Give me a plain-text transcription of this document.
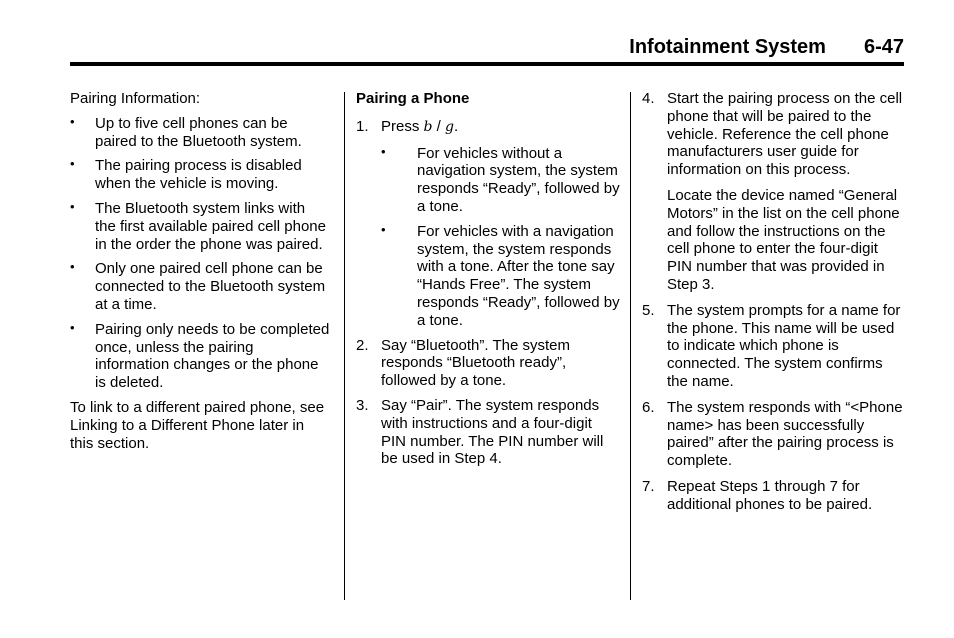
Infotainment System 6-47

Pairing Information:

• Up to five cell phones can be paired to the Bluetooth system.

• The pairing process is disabled when the vehicle is moving.

• The Bluetooth system links with the first available paired cell phone in the order the phone was paired.

• Only one paired cell phone can be connected to the Bluetooth system at a time.

• Pairing only needs to be completed once, unless the pairing information changes or the phone is deleted.

To link to a different paired phone, see Linking to a Different Phone later in this section.

Pairing a Phone

1. Press b / g.

• For vehicles without a navigation system, the system responds “Ready”, followed by a tone.

• For vehicles with a navigation system, the system responds with a tone. After the tone say “Hands Free”. The system responds “Ready”, followed by a tone.

2. Say “Bluetooth”. The system responds “Bluetooth ready”, followed by a tone.

3. Say “Pair”. The system responds with instructions and a four-digit PIN number. The PIN number will be used in Step 4.

4. Start the pairing process on the cell phone that will be paired to the vehicle. Reference the cell phone manufacturers user guide for information on this process.

Locate the device named “General Motors” in the list on the cell phone and follow the instructions on the cell phone to enter the four-digit PIN number that was provided in Step 3.

5. The system prompts for a name for the phone. This name will be used to indicate which phone is connected. The system confirms the name.

6. The system responds with “<Phone name> has been successfully paired” after the pairing process is complete.

7. Repeat Steps 1 through 7 for additional phones to be paired.
